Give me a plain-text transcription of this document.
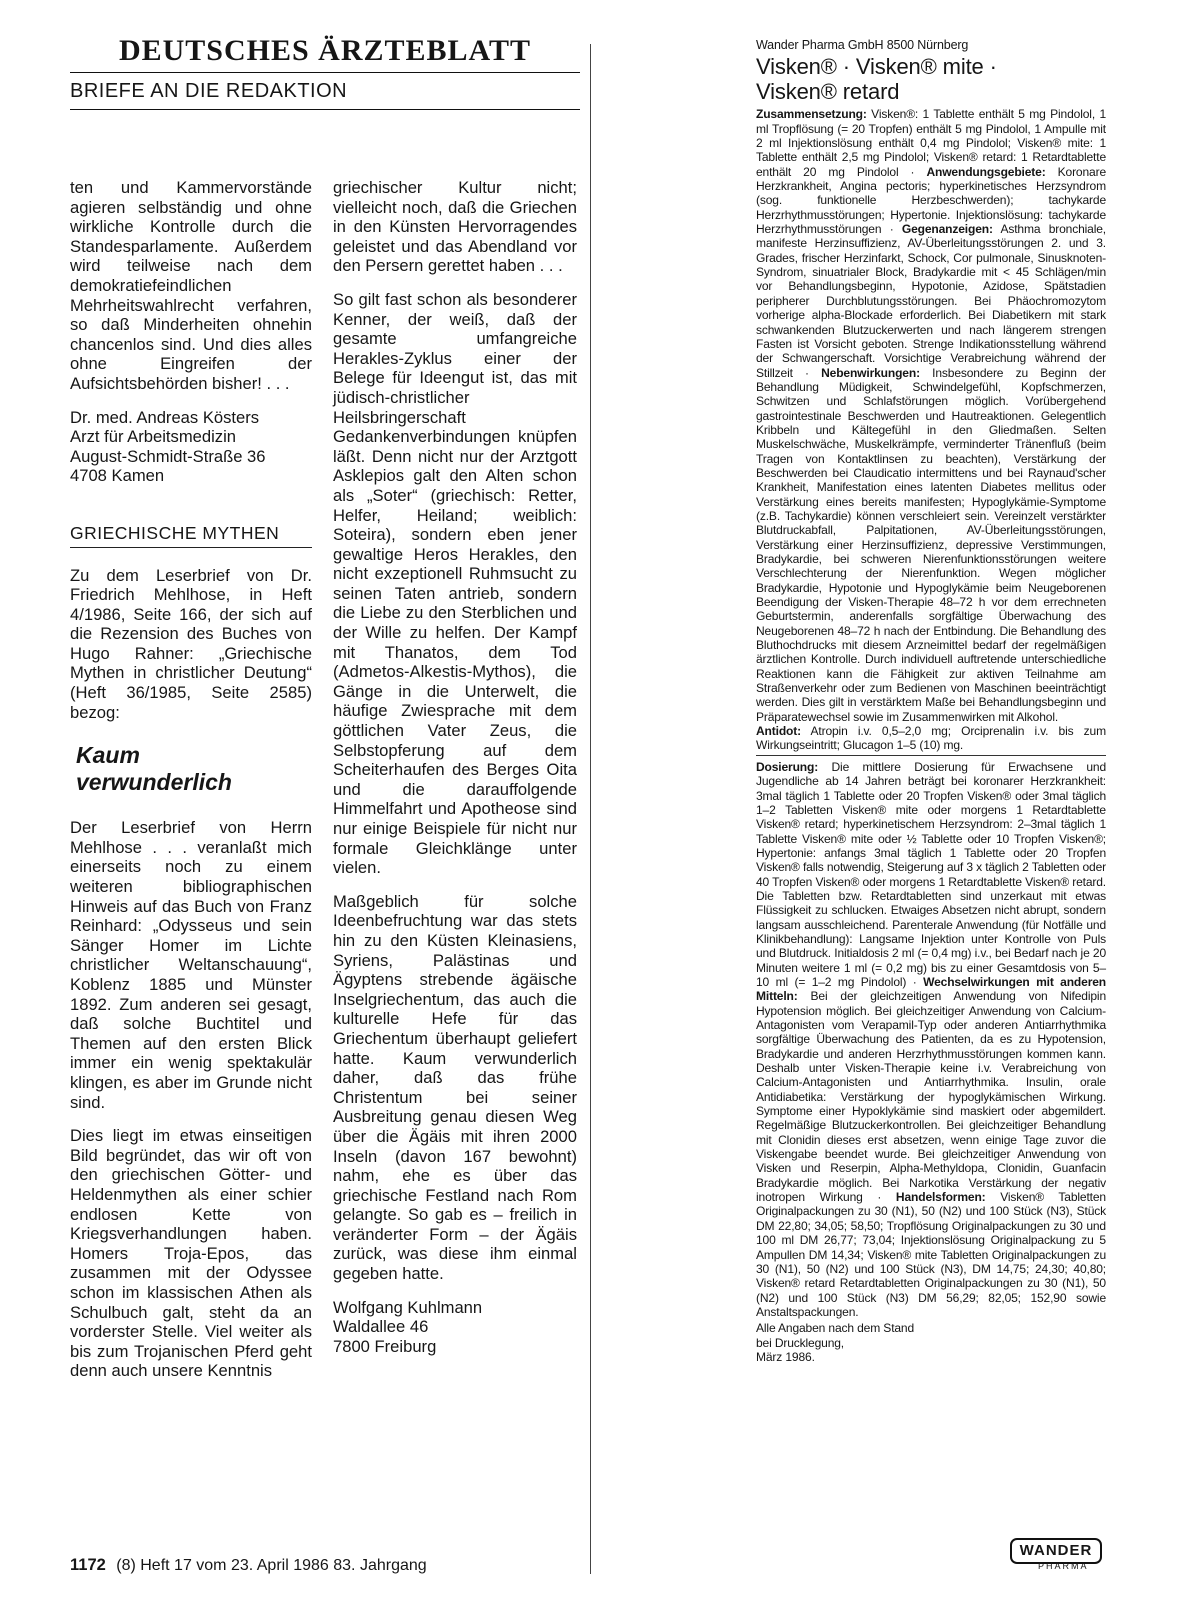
DEUTSCHES ÄRZTEBLATT
BRIEFE AN DIE REDAKTION

ten und Kammervorstände agieren selbständig und ohne wirkliche Kontrolle durch die Standesparlamente. Außerdem wird teilweise nach dem demokratiefeindlichen Mehrheitswahlrecht verfahren, so daß Minderheiten ohnehin chancenlos sind. Und dies alles ohne Eingreifen der Aufsichtsbehörden bisher! . . .

Dr. med. Andreas Kösters
Arzt für Arbeitsmedizin
August-Schmidt-Straße 36
4708 Kamen

GRIECHISCHE MYTHEN

Zu dem Leserbrief von Dr. Friedrich Mehlhose, in Heft 4/1986, Seite 166, der sich auf die Rezension des Buches von Hugo Rahner: „Griechische Mythen in christlicher Deutung“ (Heft 36/1985, Seite 2585) bezog:

Kaum
verwunderlich

Der Leserbrief von Herrn Mehlhose . . . veranlaßt mich einerseits noch zu einem weiteren bibliographischen Hinweis auf das Buch von Franz Reinhard: „Odysseus und sein Sänger Homer im Lichte christlicher Weltanschauung“, Koblenz 1885 und Münster 1892. Zum anderen sei gesagt, daß solche Buchtitel und Themen auf den ersten Blick immer ein wenig spektakulär klingen, es aber im Grunde nicht sind.

Dies liegt im etwas einseitigen Bild begründet, das wir oft von den griechischen Götter- und Heldenmythen als einer schier endlosen Kette von Kriegsverhandlungen haben. Homers Troja-Epos, das zusammen mit der Odyssee schon im klassischen Athen als Schulbuch galt, steht da an vorderster Stelle. Viel weiter als bis zum Trojanischen Pferd geht denn auch unsere Kenntnis

griechischer Kultur nicht; vielleicht noch, daß die Griechen in den Künsten Hervorragendes geleistet und das Abendland vor den Persern gerettet haben . . .

So gilt fast schon als besonderer Kenner, der weiß, daß der gesamte umfangreiche Herakles-Zyklus einer der Belege für Ideengut ist, das mit jüdisch-christlicher Heilsbringerschaft Gedankenverbindungen knüpfen läßt. Denn nicht nur der Arztgott Asklepios galt den Alten schon als „Soter“ (griechisch: Retter, Helfer, Heiland; weiblich: Soteira), sondern eben jener gewaltige Heros Herakles, den nicht exzeptionell Ruhmsucht zu seinen Taten antrieb, sondern die Liebe zu den Sterblichen und der Wille zu helfen. Der Kampf mit Thanatos, dem Tod (Admetos-Alkestis-Mythos), die Gänge in die Unterwelt, die häufige Zwiesprache mit dem göttlichen Vater Zeus, die Selbstopferung auf dem Scheiterhaufen des Berges Oita und die darauffolgende Himmelfahrt und Apotheose sind nur einige Beispiele für nicht nur formale Gleichklänge unter vielen.

Maßgeblich für solche Ideenbefruchtung war das stets hin zu den Küsten Kleinasiens, Syriens, Palästinas und Ägyptens strebende ägäische Inselgriechentum, das auch die kulturelle Hefe für das Griechentum überhaupt geliefert hatte. Kaum verwunderlich daher, daß das frühe Christentum bei seiner Ausbreitung genau diesen Weg über die Ägäis mit ihren 2000 Inseln (davon 167 bewohnt) nahm, ehe es über das griechische Festland nach Rom gelangte. So gab es – freilich in veränderter Form – der Ägäis zurück, was diese ihm einmal gegeben hatte.

Wolfgang Kuhlmann
Waldallee 46
7800 Freiburg

1172 (8) Heft 17 vom 23. April 1986 83. Jahrgang
Wander Pharma GmbH 8500 Nürnberg
Visken® · Visken® mite ·
Visken® retard

Zusammensetzung: Visken®: 1 Tablette enthält 5 mg Pindolol, 1 ml Tropflösung (= 20 Tropfen) enthält 5 mg Pindolol, 1 Ampulle mit 2 ml Injektionslösung enthält 0,4 mg Pindolol; Visken® mite: 1 Tablette enthält 2,5 mg Pindolol; Visken® retard: 1 Retardtablette enthält 20 mg Pindolol · Anwendungsgebiete: Koronare Herzkrankheit, Angina pectoris; hyperkinetisches Herzsyndrom (sog. funktionelle Herzbeschwerden); tachykarde Herzrhythmusstörungen; Hypertonie. Injektionslösung: tachykarde Herzrhythmusstörungen · Gegenanzeigen: Asthma bronchiale, manifeste Herzinsuffizienz, AV-Überleitungsstörungen 2. und 3. Grades, frischer Herzinfarkt, Schock, Cor pulmonale, Sinusknoten-Syndrom, sinuatrialer Block, Bradykardie mit < 45 Schlägen/min vor Behandlungsbeginn, Hypotonie, Azidose, Spätstadien peripherer Durchblutungsstörungen. Bei Phäochromozytom vorherige alpha-Blockade erforderlich. Bei Diabetikern mit stark schwankenden Blutzuckerwerten und nach längerem strengen Fasten ist Vorsicht geboten. Strenge Indikationsstellung während der Schwangerschaft. Vorsichtige Verabreichung während der Stillzeit · Nebenwirkungen: Insbesondere zu Beginn der Behandlung Müdigkeit, Schwindelgefühl, Kopfschmerzen, Schwitzen und Schlafstörungen möglich. Vorübergehend gastrointestinale Beschwerden und Hautreaktionen. Gelegentlich Kribbeln und Kältegefühl in den Gliedmaßen. Selten Muskelschwäche, Muskelkrämpfe, verminderter Tränenfluß (beim Tragen von Kontaktlinsen zu beachten), Verstärkung der Beschwerden bei Claudicatio intermittens und bei Raynaud'scher Krankheit, Manifestation eines latenten Diabetes mellitus oder Verstärkung eines bereits manifesten; Hypoglykämie-Symptome (z.B. Tachykardie) können verschleiert sein. Vereinzelt verstärkter Blutdruckabfall, Palpitationen, AV-Überleitungsstörungen, Verstärkung einer Herzinsuffizienz, depressive Verstimmungen, Bradykardie, bei schweren Nierenfunktionsstörungen weitere Verschlechterung der Nierenfunktion. Wegen möglicher Bradykardie, Hypotonie und Hypoglykämie beim Neugeborenen Beendigung der Visken-Therapie 48–72 h vor dem errechneten Geburtstermin, anderenfalls sorgfältige Überwachung des Neugeborenen 48–72 h nach der Entbindung. Die Behandlung des Bluthochdrucks mit diesem Arzneimittel bedarf der regelmäßigen ärztlichen Kontrolle. Durch individuell auftretende unterschiedliche Reaktionen kann die Fähigkeit zur aktiven Teilnahme am Straßenverkehr oder zum Bedienen von Maschinen beeinträchtigt werden. Dies gilt in verstärktem Maße bei Behandlungsbeginn und Präparatewechsel sowie im Zusammenwirken mit Alkohol.

Antidot: Atropin i.v. 0,5–2,0 mg; Orciprenalin i.v. bis zum Wirkungseintritt; Glucagon 1–5 (10) mg.

Dosierung: Die mittlere Dosierung für Erwachsene und Jugendliche ab 14 Jahren beträgt bei koronarer Herzkrankheit: 3mal täglich 1 Tablette oder 20 Tropfen Visken® oder 3mal täglich 1–2 Tabletten Visken® mite oder morgens 1 Retardtablette Visken® retard; hyperkinetischem Herzsyndrom: 2–3mal täglich 1 Tablette Visken® mite oder ½ Tablette oder 10 Tropfen Visken®; Hypertonie: anfangs 3mal täglich 1 Tablette oder 20 Tropfen Visken® falls notwendig, Steigerung auf 3 x täglich 2 Tabletten oder 40 Tropfen Visken® oder morgens 1 Retardtablette Visken® retard. Die Tabletten bzw. Retardtabletten sind unzerkaut mit etwas Flüssigkeit zu schlucken. Etwaiges Absetzen nicht abrupt, sondern langsam ausschleichend. Parenterale Anwendung (für Notfälle und Klinikbehandlung): Langsame Injektion unter Kontrolle von Puls und Blutdruck. Initialdosis 2 ml (= 0,4 mg) i.v., bei Bedarf nach je 20 Minuten weitere 1 ml (= 0,2 mg) bis zu einer Gesamtdosis von 5–10 ml (= 1–2 mg Pindolol) · Wechselwirkungen mit anderen Mitteln: Bei der gleichzeitigen Anwendung von Nifedipin Hypotension möglich. Bei gleichzeitiger Anwendung von Calcium-Antagonisten vom Verapamil-Typ oder anderen Antiarrhythmika sorgfältige Überwachung des Patienten, da es zu Hypotension, Bradykardie und anderen Herzrhythmusstörungen kommen kann. Deshalb unter Visken-Therapie keine i.v. Verabreichung von Calcium-Antagonisten und Antiarrhythmika. Insulin, orale Antidiabetika: Verstärkung der hypoglykämischen Wirkung. Symptome einer Hypoklykämie sind maskiert oder abgemildert. Regelmäßige Blutzuckerkontrollen. Bei gleichzeitiger Behandlung mit Clonidin dieses erst absetzen, wenn einige Tage zuvor die Viskengabe beendet wurde. Bei gleichzeitiger Anwendung von Visken und Reserpin, Alpha-Methyldopa, Clonidin, Guanfacin Bradykardie möglich. Bei Narkotika Verstärkung der negativ inotropen Wirkung · Handelsformen: Visken® Tabletten Originalpackungen zu 30 (N1), 50 (N2) und 100 Stück (N3), Stück DM 22,80; 34,05; 58,50; Tropflösung Originalpackungen zu 30 und 100 ml DM 26,77; 73,04; Injektionslösung Originalpackung zu 5 Ampullen DM 14,34; Visken® mite Tabletten Originalpackungen zu 30 (N1), 50 (N2) und 100 Stück (N3), DM 14,75; 24,30; 40,80; Visken® retard Retardtabletten Originalpackungen zu 30 (N1), 50 (N2) und 100 Stück (N3) DM 56,29; 82,05; 152,90 sowie Anstaltspackungen.

Alle Angaben nach dem Stand
bei Drucklegung,
März 1986.

WANDER
PHARMA
